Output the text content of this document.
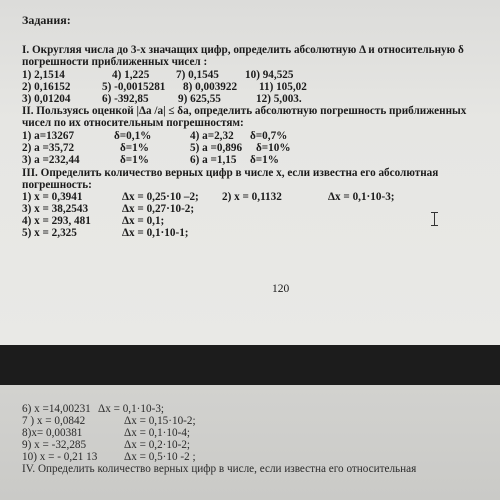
Задания:
I. Округляя числа до 3-х значащих цифр, определить абсолютную Δ и относительную δ
погрешности приближенных чисел :
1) 2,1514	4) 1,225 7) 0,1545 10) 94,525
2) 0,16152	5) -0,0015281 8) 0,003922 11) 105,02
3) 0,01204	6) -392,85	9) 625,55	12) 5,003.
II. Пользуясь оценкой |Δa /a| ≤ δa, определить абсолютную погрешность приближенных
чисел по их относительным погрешностям:
1) a=13267	δ=0,1%	4) a=2,32 δ=0,7%
2) a =35,72	δ=1%	5) a =0,896 δ=10%
3) a =232,44	δ=1%	6) a =1,15 δ=1%
III. Определить количество верных цифр в числе x, если известна его абсолютная
погрешность:
1) x = 0,3941	Δx = 0,25·10 –2; 2) x = 0,1132	Δx = 0,1·10-3;
3) x = 38,2543	Δx = 0,27·10-2;
4) x = 293, 481	Δx = 0,1;
5) x = 2,325	Δx = 0,1·10-1;
120
6) x =14,00231 Δx = 0,1·10-3;
7 ) x = 0,0842	Δx = 0,15·10-2;
8)x= 0,00381	Δx = 0,1·10-4;
9) x = -32,285	Δx = 0,2·10-2;
10) x = - 0,21 13 Δx = 0,5·10 -2 ;
IV. Определить количество верных цифр в числе, если известна его относительная
